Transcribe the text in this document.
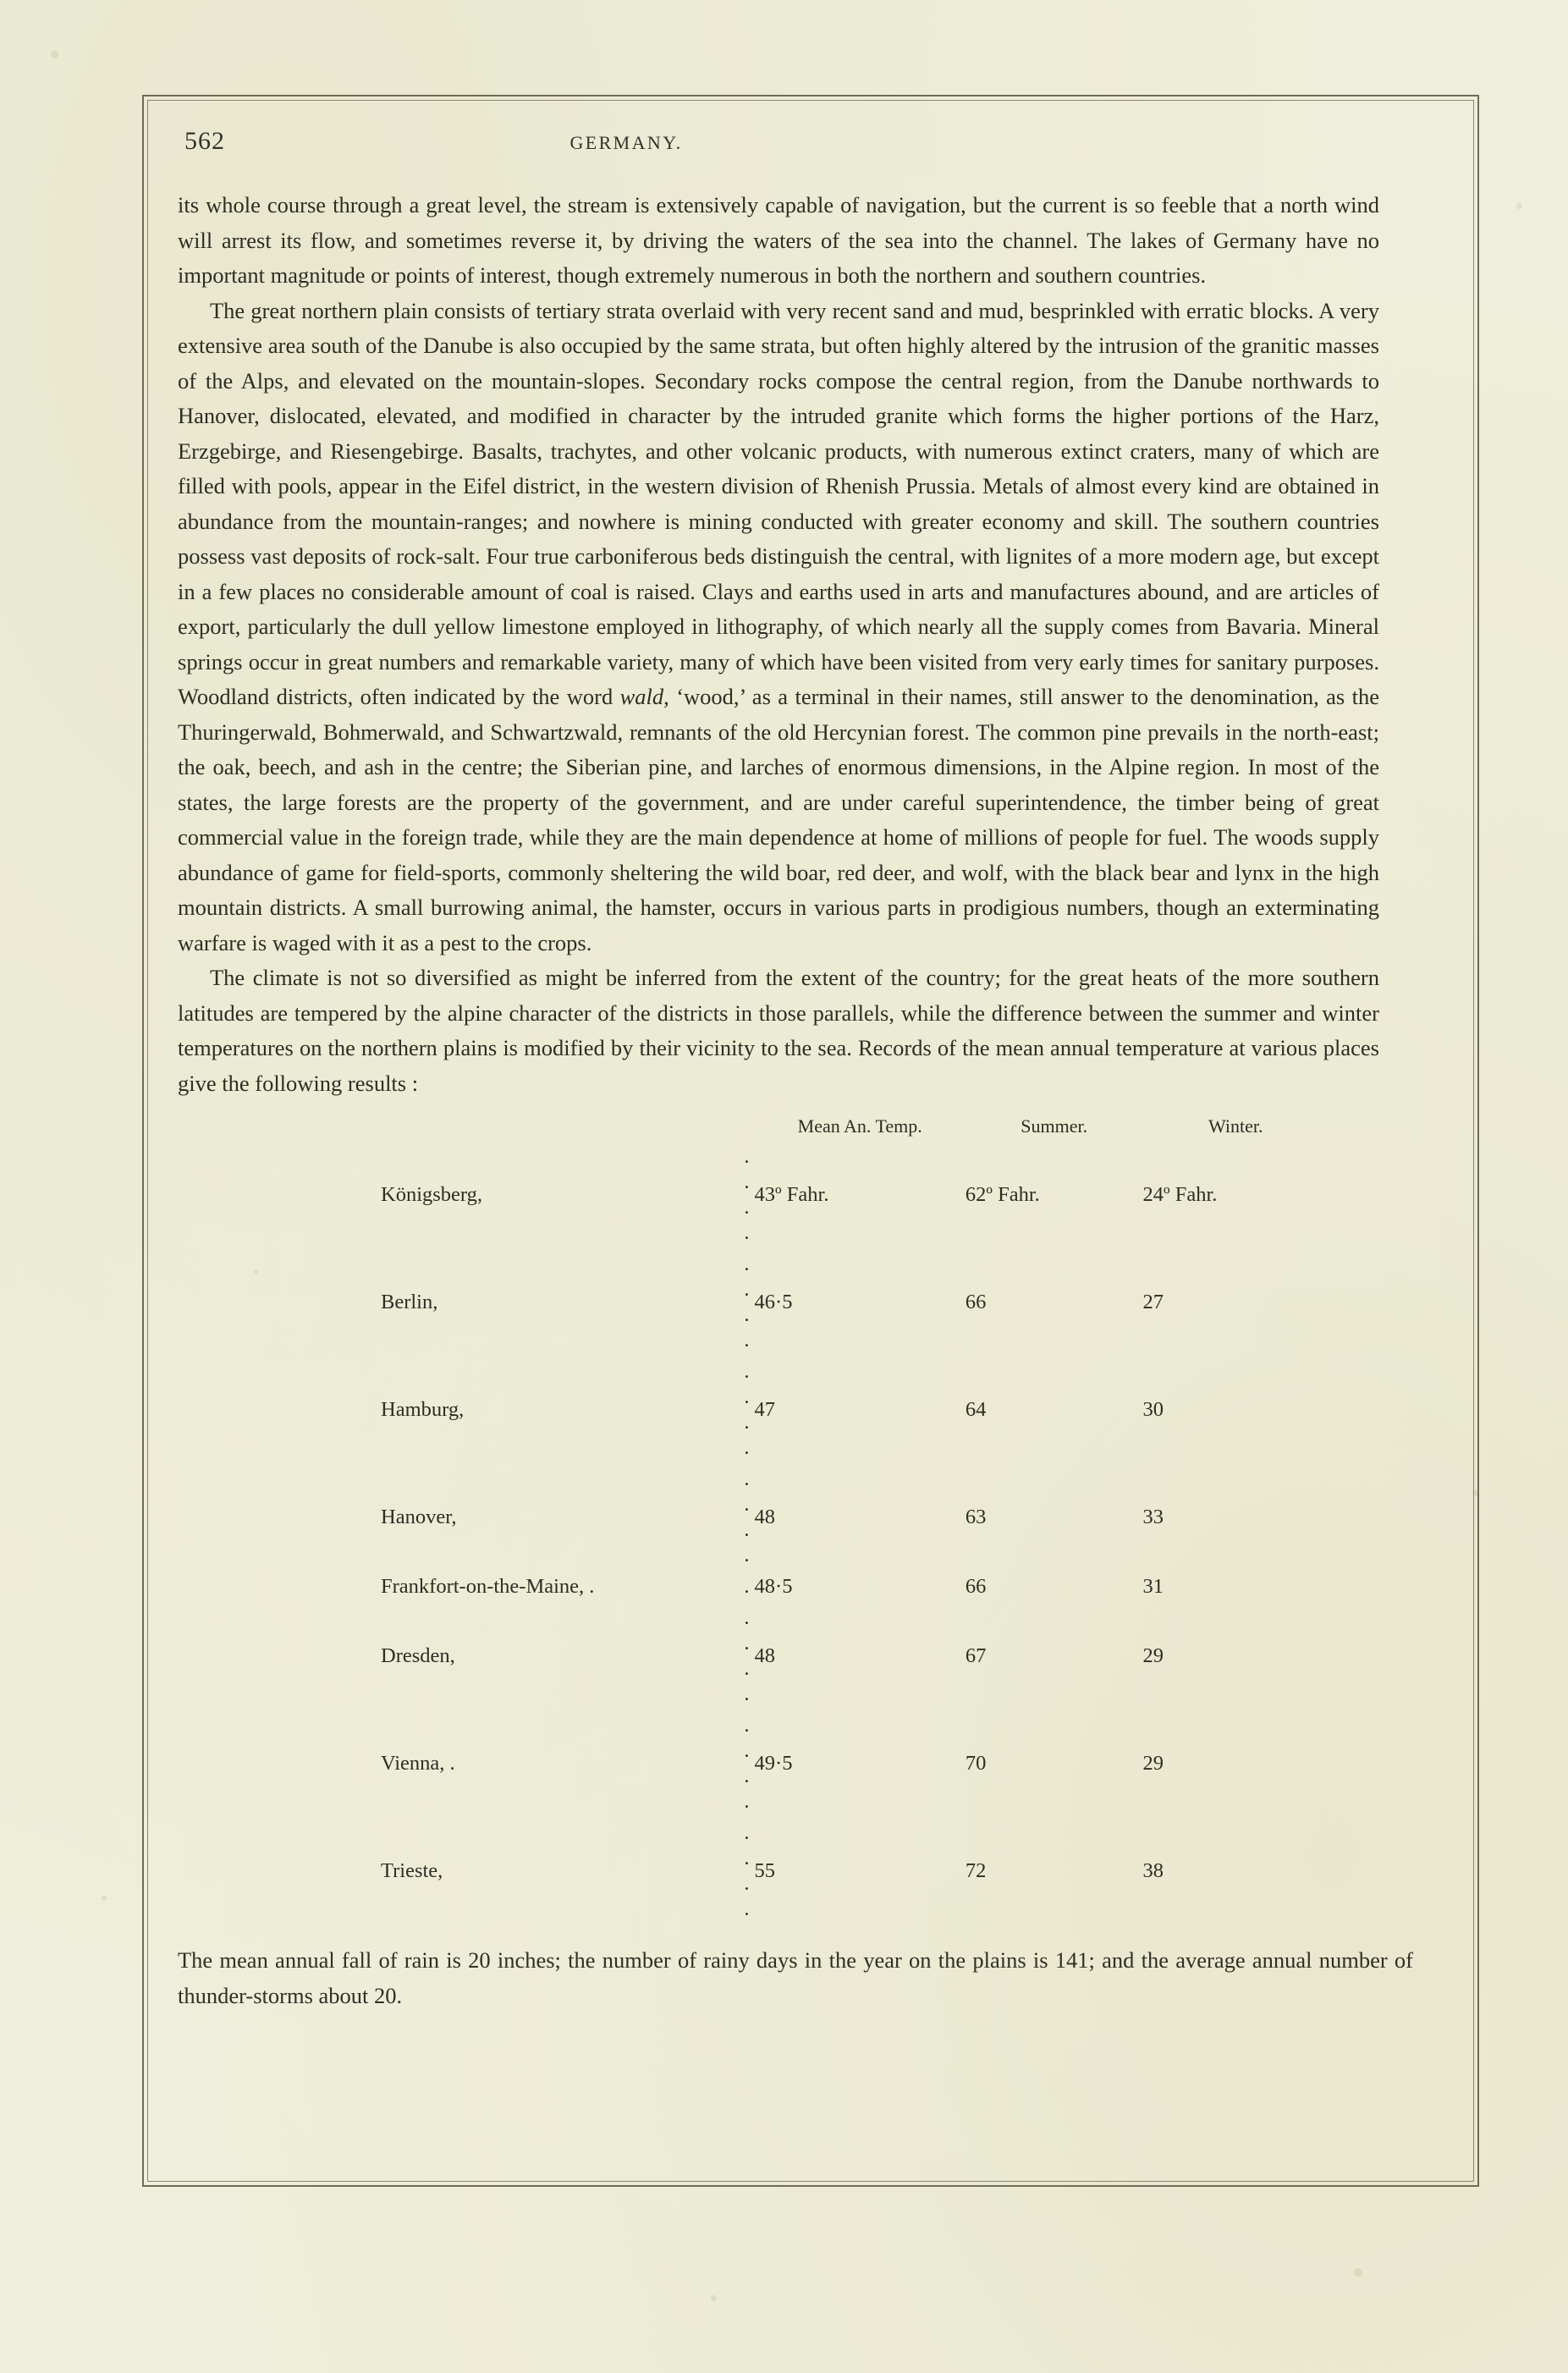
562	GERMANY.

its whole course through a great level, the stream is extensively capable of navigation, but the current is so feeble that a north wind will arrest its flow, and sometimes reverse it, by driving the waters of the sea into the channel. The lakes of Germany have no important magnitude or points of interest, though extremely numerous in both the northern and southern countries.

The great northern plain consists of tertiary strata overlaid with very recent sand and mud, besprinkled with erratic blocks. A very extensive area south of the Danube is also occupied by the same strata, but often highly altered by the intrusion of the granitic masses of the Alps, and elevated on the mountain-slopes. Secondary rocks compose the central region, from the Danube northwards to Hanover, dislocated, elevated, and modified in character by the intruded granite which forms the higher portions of the Harz, Erzgebirge, and Riesengebirge. Basalts, trachytes, and other volcanic products, with numerous extinct craters, many of which are filled with pools, appear in the Eifel district, in the western division of Rhenish Prussia. Metals of almost every kind are obtained in abundance from the mountain-ranges; and nowhere is mining conducted with greater economy and skill. The southern countries possess vast deposits of rock-salt. Four true carboniferous beds distinguish the central, with lignites of a more modern age, but except in a few places no considerable amount of coal is raised. Clays and earths used in arts and manufactures abound, and are articles of export, particularly the dull yellow limestone employed in lithography, of which nearly all the supply comes from Bavaria. Mineral springs occur in great numbers and remarkable variety, many of which have been visited from very early times for sanitary purposes. Woodland districts, often indicated by the word wald, ‘wood,’ as a terminal in their names, still answer to the denomination, as the Thuringerwald, Bohmerwald, and Schwartzwald, remnants of the old Hercynian forest. The common pine prevails in the north-east; the oak, beech, and ash in the centre; the Siberian pine, and larches of enormous dimensions, in the Alpine region. In most of the states, the large forests are the property of the government, and are under careful superintendence, the timber being of great commercial value in the foreign trade, while they are the main dependence at home of millions of people for fuel. The woods supply abundance of game for field-sports, commonly sheltering the wild boar, red deer, and wolf, with the black bear and lynx in the high mountain districts. A small burrowing animal, the hamster, occurs in various parts in prodigious numbers, though an exterminating warfare is waged with it as a pest to the crops.

The climate is not so diversified as might be inferred from the extent of the country; for the great heats of the more southern latitudes are tempered by the alpine character of the districts in those parallels, while the difference between the summer and winter temperatures on the northern plains is modified by their vicinity to the sea. Records of the mean annual temperature at various places give the following results :

		Mean An. Temp.	Summer.	Winter.
Königsberg,	. . . .	43º Fahr.	62º Fahr.	24º Fahr.
Berlin,	. . . .	46·5	66	27
Hamburg,	. . . .	47	64	30
Hanover,	. . . .	48	63	33
Frankfort-on-the-Maine, .	.	48·5	66	31
Dresden,	. . . .	48	67	29
Vienna, .	. . . .	49·5	70	29
Trieste,	. . . .	55	72	38

The mean annual fall of rain is 20 inches; the number of rainy days in the year on the plains is 141; and the average annual number of thunder-storms about 20.
